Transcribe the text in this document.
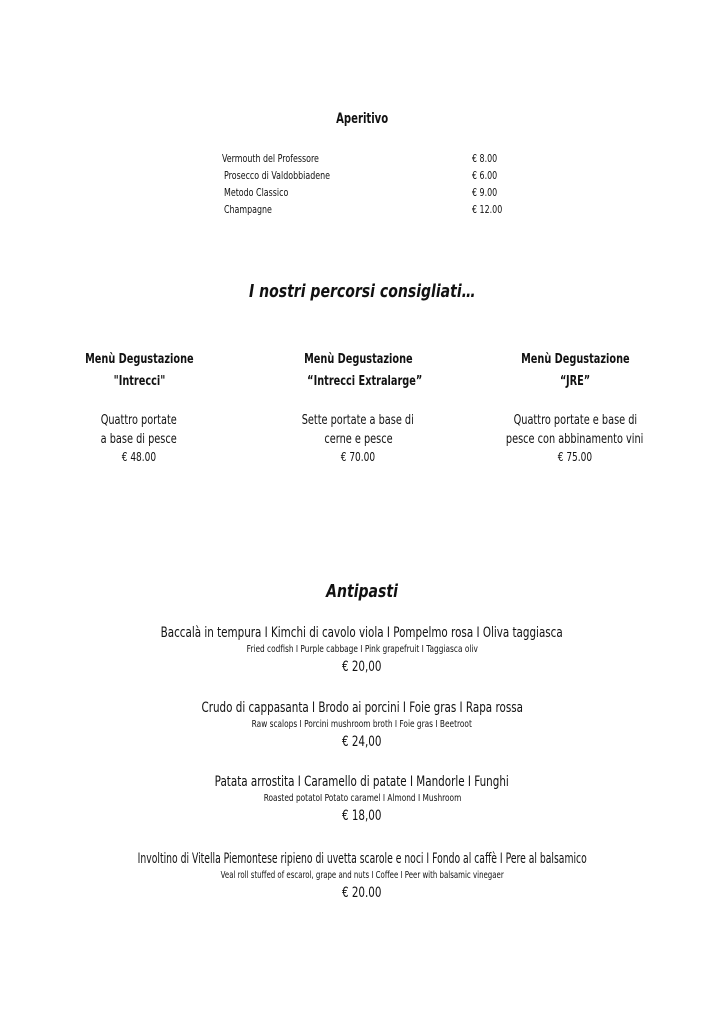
Aperitivo
Vermouth del Professore	€ 8.00
Prosecco di Valdobbiadene	€ 6.00
Metodo Classico	€ 9.00
Champagne	€ 12.00
I nostri percorsi consigliati…
Menù Degustazione
"Intrecci"
Quattro portate
a base di pesce
€ 48.00
Menù Degustazione
“Intrecci Extralarge”
Sette portate a base di
cerne e pesce
€ 70.00
Menù Degustazione
“JRE”
Quattro portate e base di
pesce con abbinamento vini
€ 75.00
Antipasti
Baccalà in tempura I Kimchi di cavolo viola I Pompelmo rosa I Oliva taggiasca
Fried codfish I Purple cabbage I Pink grapefruit I Taggiasca oliv
€ 20,00
Crudo di cappasanta I Brodo ai porcini I Foie gras I Rapa rossa
Raw scalops I Porcini mushroom broth I Foie gras I Beetroot
€ 24,00
Patata arrostita I Caramello di patate I Mandorle I Funghi
Roasted potatoI Potato caramel I Almond I Mushroom
€ 18,00
Involtino di Vitella Piemontese ripieno di uvetta scarole e noci I Fondo al caffè I Pere al balsamico
Veal roll stuffed of escarol, grape and nuts I Coffee I Peer with balsamic vinegaer
€ 20.00
